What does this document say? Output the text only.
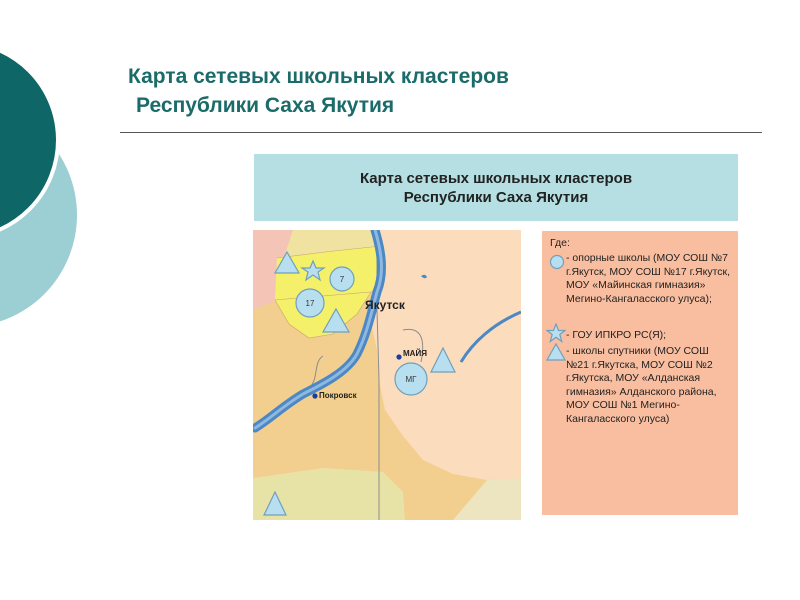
Карта сетевых школьных кластеров
Республики Саха Якутия
Карта сетевых школьных кластеров
Республики Саха Якутия
7
17
МГ
Якутск
МАЙЯ
Покровск
Где:
- опорные школы (МОУ СОШ №7 г.Якутск, МОУ СОШ №17 г.Якутск, МОУ «Майинская гимназия» Мегино-Кангаласского улуса);
- ГОУ ИПКРО РС(Я);
- школы спутники (МОУ СОШ №21 г.Якутска, МОУ СОШ №2 г.Якутска, МОУ «Алданская гимназия» Алданского района, МОУ СОШ №1 Мегино-Кангаласского улуса)
